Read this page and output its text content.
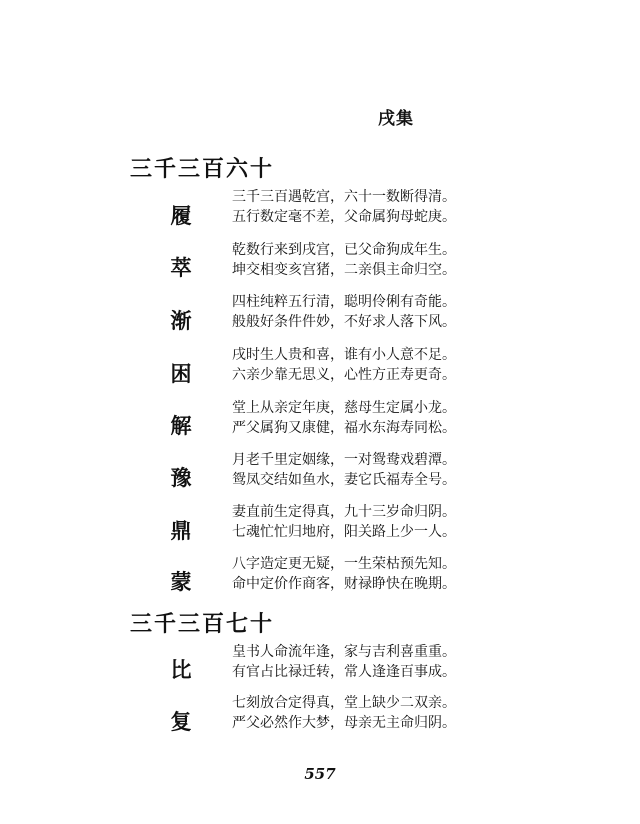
戌集
三千三百六十
履
三千三百遇乾宫，六十一数断得清。
五行数定毫不差，父命属狗母蛇庚。
萃
乾数行来到戌宫，已父命狗成年生。
坤交相变亥宫猪，二亲俱主命归空。
渐
四柱纯粹五行清，聪明伶俐有奇能。
般般好条件件妙，不好求人落下风。
困
戌时生人贵和喜，谁有小人意不足。
六亲少靠无思义，心性方正寿更奇。
解
堂上从亲定年庚，慈母生定属小龙。
严父属狗又康健，福水东海寿同松。
豫
月老千里定姻缘，一对鸳鸯戏碧潭。
鸳凤交结如鱼水，妻它氏福寿全号。
鼎
妻直前生定得真，九十三岁命归阴。
七魂忙忙归地府，阳关路上少一人。
蒙
八字造定更无疑，一生荣枯预先知。
命中定价作商客，财禄睁快在晚期。
三千三百七十
比
皇书人命流年逢，家与吉利喜重重。
有官占比禄迁转，常人逢逢百事成。
复
七刻放合定得真，堂上缺少二双亲。
严父必然作大梦，母亲无主命归阴。
557
